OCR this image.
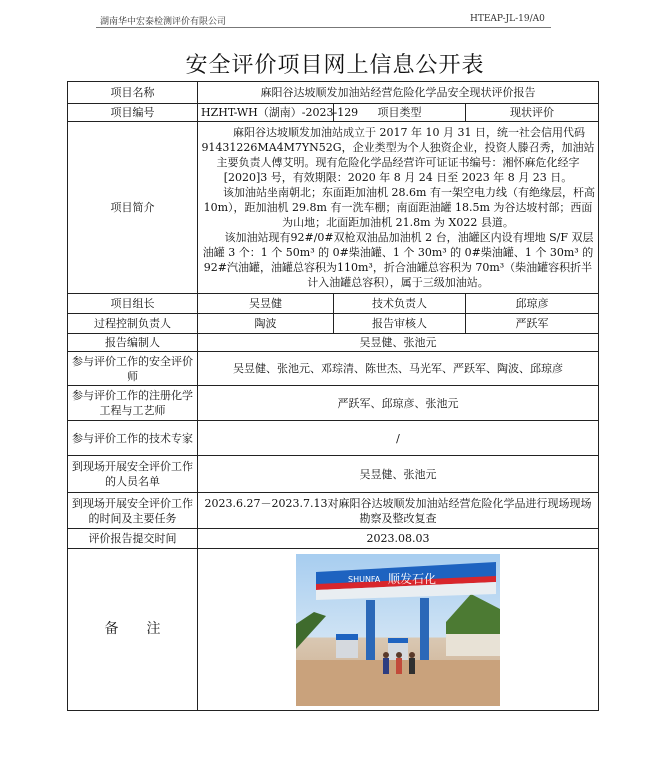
湖南华中宏泰检测评价有限公司	HTEAP-JL-19/A0
安全评价项目网上信息公开表
项目名称	麻阳谷达坡顺发加油站经营危险化学品安全现状评价报告		
项目编号	HZHT-WH（湖南）-2023-129	项目类型	现状评价
项目简介	麻阳谷达坡顺发加油站成立于 2017 年 10 月 31 日，统一社会信用代码 91431226MA4M7YN52G，企业类型为个人独资企业，投资人滕召秀，加油站主要负责人傅艾明。现有危险化学品经营许可证证书编号：湘怀麻危化经字[2020]3 号，有效期限：2020 年 8 月 24 日至 2023 年 8 月 23 日。

该加油站坐南朝北；东面距加油机 28.6m 有一架空电力线（有绝缘层，杆高 10m），距加油机 29.8m 有一洗车棚；南面距油罐 18.5m 为谷达坡村部；西面为山地；北面距加油机 21.8m 为 X022 县道。

该加油站现有92#/0#双枪双油品加油机 2 台，油罐区内设有埋地 S/F 双层油罐 3 个：1 个 50m³ 的 0#柴油罐、1 个 30m³ 的 0#柴油罐、1 个 30m³ 的 92#汽油罐，油罐总容积为110m³，折合油罐总容积为 70m³（柴油罐容积折半计入油罐总容积），属于三级加油站。		

项目组长	吴昱健	技术负责人	邱琼彦
过程控制负责人	陶波	报告审核人	严跃军
报告编制人	吴昱健、张池元		
参与评价工作的安全评价师	吴昱健、张池元、邓琮清、陈世杰、马光军、严跃军、陶波、邱琼彦		
参与评价工作的注册化学工程与工艺师	严跃军、邱琼彦、张池元		
参与评价工作的技术专家	/		
到现场开展安全评价工作的人员名单	吴昱健、张池元		
到现场开展安全评价工作的时间及主要任务	2023.6.27－2023.7.13对麻阳谷达坡顺发加油站经营危险化学品进行现场现场勘察及整改复查		
评价报告提交时间	2023.08.03		
备　　注	SHUNFA 顺发石化		
